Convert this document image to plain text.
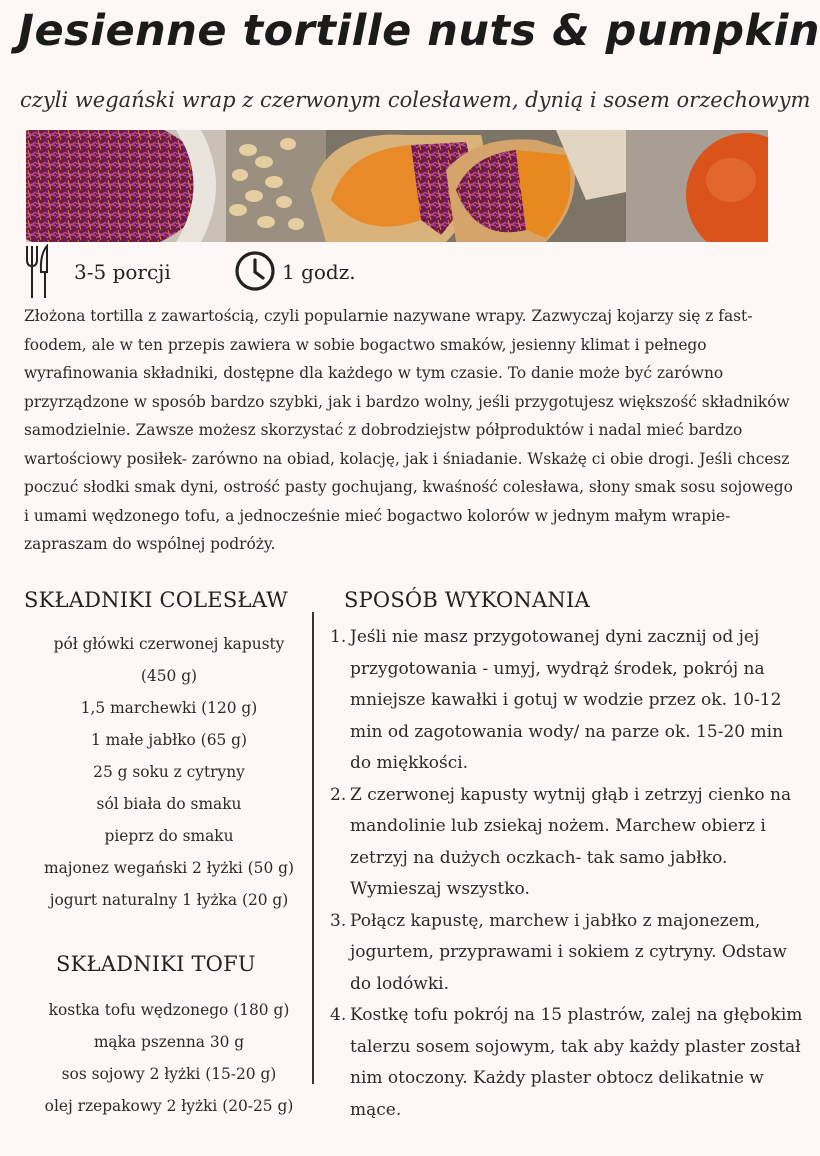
Jesienne tortille nuts & pumpkin
czyli wegański wrap z czerwonym colesławem, dynią i sosem orzechowym
3-5 porcji	1 godz.
Złożona tortilla z zawartością, czyli popularnie nazywane wrapy. Zazwyczaj kojarzy się z fast-foodem, ale w ten przepis zawiera w sobie bogactwo smaków, jesienny klimat i pełnego wyrafinowania składniki, dostępne dla każdego w tym czasie. To danie może być zarówno przyrządzone w sposób bardzo szybki, jak i bardzo wolny, jeśli przygotujesz większość składników samodzielnie. Zawsze możesz skorzystać z dobrodziejstw półproduktów i nadal mieć bardzo wartościowy posiłek- zarówno na obiad, kolację, jak i śniadanie. Wskażę ci obie drogi. Jeśli chcesz poczuć słodki smak dyni, ostrość pasty gochujang, kwaśność colesława, słony smak sosu sojowego i umami wędzonego tofu, a jednocześnie mieć bogactwo kolorów w jednym małym wrapie- zapraszam do wspólnej podróży.
SKŁADNIKI COLESŁAW
pół główki czerwonej kapusty
(450 g)
1,5 marchewki (120 g)
1 małe jabłko (65 g)
25 g soku z cytryny
sól biała do smaku
pieprz do smaku
majonez wegański 2 łyżki (50 g)
jogurt naturalny 1 łyżka (20 g)
SKŁADNIKI TOFU
kostka tofu wędzonego (180 g)
mąka pszenna 30 g
sos sojowy 2 łyżki (15-20 g)
olej rzepakowy 2 łyżki (20-25 g)
SPOSÓB WYKONANIA
1. Jeśli nie masz przygotowanej dyni zacznij od jej przygotowania - umyj, wydrąż środek, pokrój na mniejsze kawałki i gotuj w wodzie przez ok. 10-12 min od zagotowania wody/ na parze ok. 15-20 min do miękkości.
2. Z czerwonej kapusty wytnij głąb i zetrzyj cienko na mandolinie lub zsiekaj nożem. Marchew obierz i zetrzyj na dużych oczkach- tak samo jabłko. Wymieszaj wszystko.
3. Połącz kapustę, marchew i jabłko z majonezem, jogurtem, przyprawami i sokiem z cytryny. Odstaw do lodówki.
4. Kostkę tofu pokrój na 15 plastrów, zalej na głębokim talerzu sosem sojowym, tak aby każdy plaster został nim otoczony. Każdy plaster obtocz delikatnie w mące.
